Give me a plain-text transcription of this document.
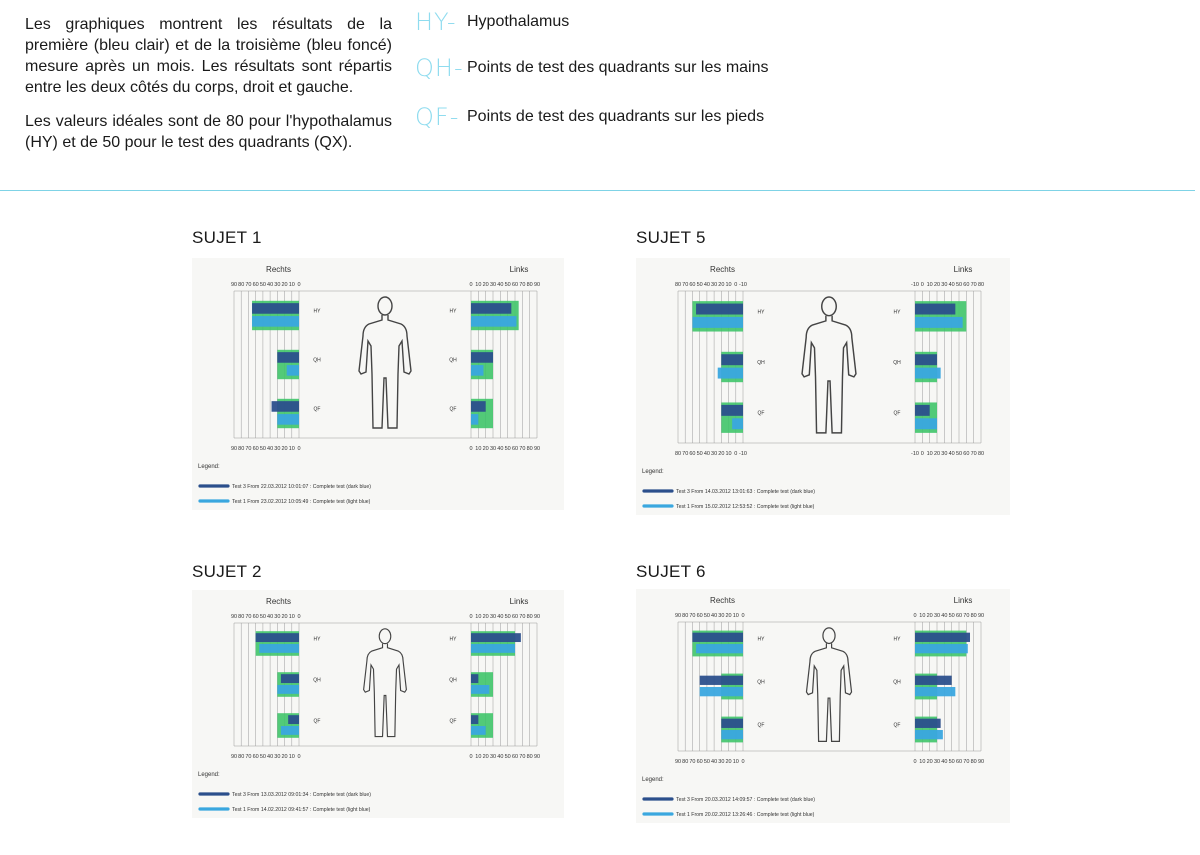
Les graphiques montrent les résultats de la première (bleu clair) et de la troisième (bleu foncé) mesure après un mois. Les résultats sont répartis entre les deux côtés du corps, droit et gauche.

Les valeurs idéales sont de 80 pour l'hypothalamus (HY) et de 50 pour le test des quadrants (QX).

HY- Hypothalamus
QH- Points de test des quadrants sur les mains
QF- Points de test des quadrants sur les pieds
SUJET 1	SUJET 5
SUJET 2	SUJET 6
Rechts	Links
90
90
80
80
70
70
60
60
50
50
40
40
30
30
20
20
10
10
0
0
0
0
10
10
20
20
30
30
40
40
50
50
60
60
70
70
80
80
90
90
HY	HY
QH	QH
QF	QF
Legend:
Test 3 From 22.03.2012 10:01:07 : Complete test (dark blue)
Test 1 From 23.02.2012 10:05:49 : Complete test (light blue)
Rechts	Links
80
80
70
70
60
60
50
50
40
40
30
30
20
20
10
10
0
0
-10
-10
-10
-10
0
0
10
10
20
20
30
30
40
40
50
50
60
60
70
70
80
80
HY	HY
QH	QH
QF	QF
Legend:
Test 3 From 14.03.2012 13:01:63 : Complete test (dark blue)
Test 1 From 15.02.2012 12:53:52 : Complete test (light blue)
Rechts	Links
90
90
80
80
70
70
60
60
50
50
40
40
30
30
20
20
10
10
0
0
0
0
10
10
20
20
30
30
40
40
50
50
60
60
70
70
80
80
90
90
HY	HY
QH	QH
QF	QF
Legend:
Test 3 From 13.03.2012 09:01:34 : Complete test (dark blue)
Test 1 From 14.02.2012 09:41:57 : Complete test (light blue)
Rechts	Links
90
90
80
80
70
70
60
60
50
50
40
40
30
30
20
20
10
10
0
0
0
0
10
10
20
20
30
30
40
40
50
50
60
60
70
70
80
80
90
90
HY	HY
QH	QH
QF	QF
Legend:
Test 3 From 20.03.2012 14:09:57 : Complete test (dark blue)
Test 1 From 20.02.2012 13:26:46 : Complete test (light blue)
